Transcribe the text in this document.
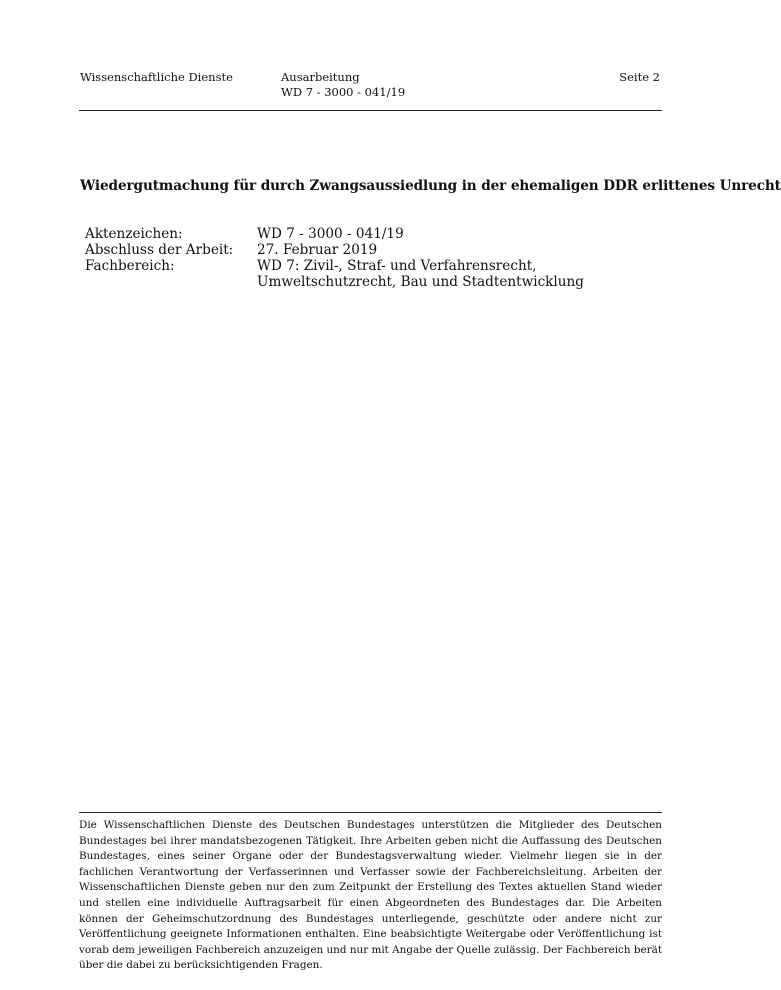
Wissenschaftliche Dienste	Ausarbeitung
WD 7 - 3000 - 041/19
Seite 2
Wiedergutmachung für durch Zwangsaussiedlung in der ehemaligen DDR erlittenes Unrecht
Aktenzeichen:	WD 7 - 3000 - 041/19
Abschluss der Arbeit: 27. Februar 2019
Fachbereich:	WD 7: Zivil-, Straf- und Verfahrensrecht, Umweltschutzrecht, Bau und Stadtentwicklung

Die Wissenschaftlichen Dienste des Deutschen Bundestages unterstützen die Mitglieder des Deutschen Bundestages bei ihrer mandatsbezogenen Tätigkeit. Ihre Arbeiten geben nicht die Auffassung des Deutschen Bundestages, eines seiner Organe oder der Bundestagsverwaltung wieder. Vielmehr liegen sie in der fachlichen Verantwortung der Verfasserinnen und Verfasser sowie der Fachbereichsleitung. Arbeiten der Wissenschaftlichen Dienste geben nur den zum Zeitpunkt der Erstellung des Textes aktuellen Stand wieder und stellen eine individuelle Auftragsarbeit für einen Abgeordneten des Bundestages dar. Die Arbeiten können der Geheimschutzordnung des Bundestages unterliegende, geschützte oder andere nicht zur Veröffentlichung geeignete Informationen enthalten. Eine beabsichtigte Weitergabe oder Veröffentlichung ist vorab dem jeweiligen Fachbereich anzuzeigen und nur mit Angabe der Quelle zulässig. Der Fachbereich berät über die dabei zu berücksichtigenden Fragen.
